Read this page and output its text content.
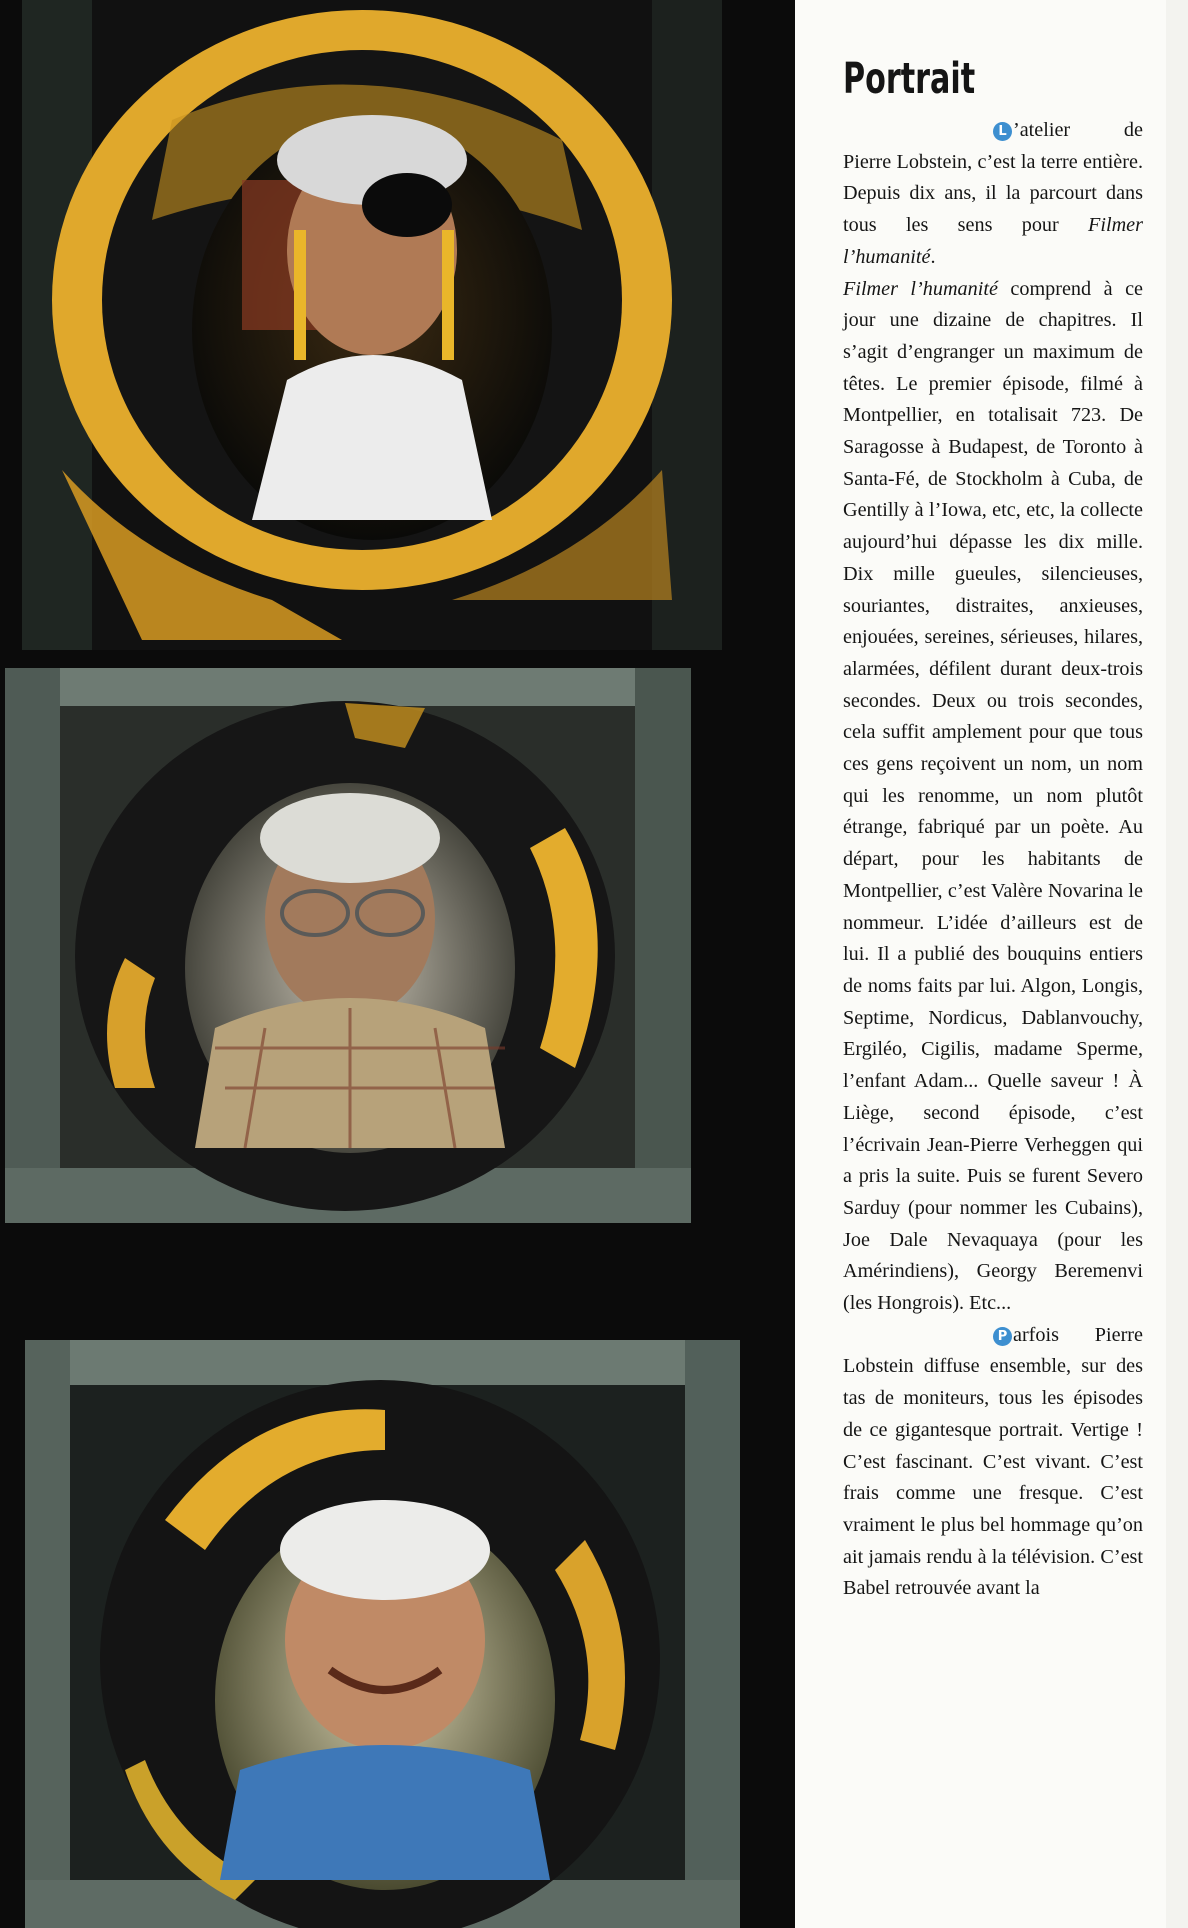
Portrait

L ’atelier de Pierre Lobstein, c’est la terre entière. Depuis dix ans, il la parcourt dans tous les sens pour Filmer l’humanité.

Filmer l’humanité comprend à ce jour une dizaine de chapitres. Il s’agit d’engranger un maximum de têtes. Le premier épisode, filmé à Montpellier, en totalisait 723. De Saragosse à Budapest, de Toronto à Santa-Fé, de Stockholm à Cuba, de Gentilly à l’Iowa, etc, etc, la collecte aujourd’hui dépasse les dix mille. Dix mille gueules, silencieuses, souriantes, distraites, anxieuses, enjouées, sereines, sérieuses, hilares, alarmées, défilent durant deux-trois secondes. Deux ou trois secondes, cela suffit amplement pour que tous ces gens reçoivent un nom, un nom qui les renomme, un nom plutôt étrange, fabriqué par un poète. Au départ, pour les habitants de Montpellier, c’est Valère Novarina le nommeur. L’idée d’ailleurs est de lui. Il a publié des bouquins entiers de noms faits par lui. Algon, Longis, Septime, Nordicus, Dablanvouchy, Ergiléo, Cigilis, madame Sperme, l’enfant Adam... Quelle saveur ! À Liège, second épisode, c’est l’écrivain Jean-Pierre Verheggen qui a pris la suite. Puis se furent Severo Sarduy (pour nommer les Cubains), Joe Dale Nevaquaya (pour les Amérindiens), Georgy Beremenvi (les Hongrois). Etc...

P arfois Pierre Lobstein diffuse ensemble, sur des tas de moniteurs, tous les épisodes de ce gigantesque portrait. Vertige ! C’est fascinant. C’est vivant. C’est frais comme une fresque. C’est vraiment le plus bel hommage qu’on ait jamais rendu à la télévision. C’est Babel retrouvée avant la
